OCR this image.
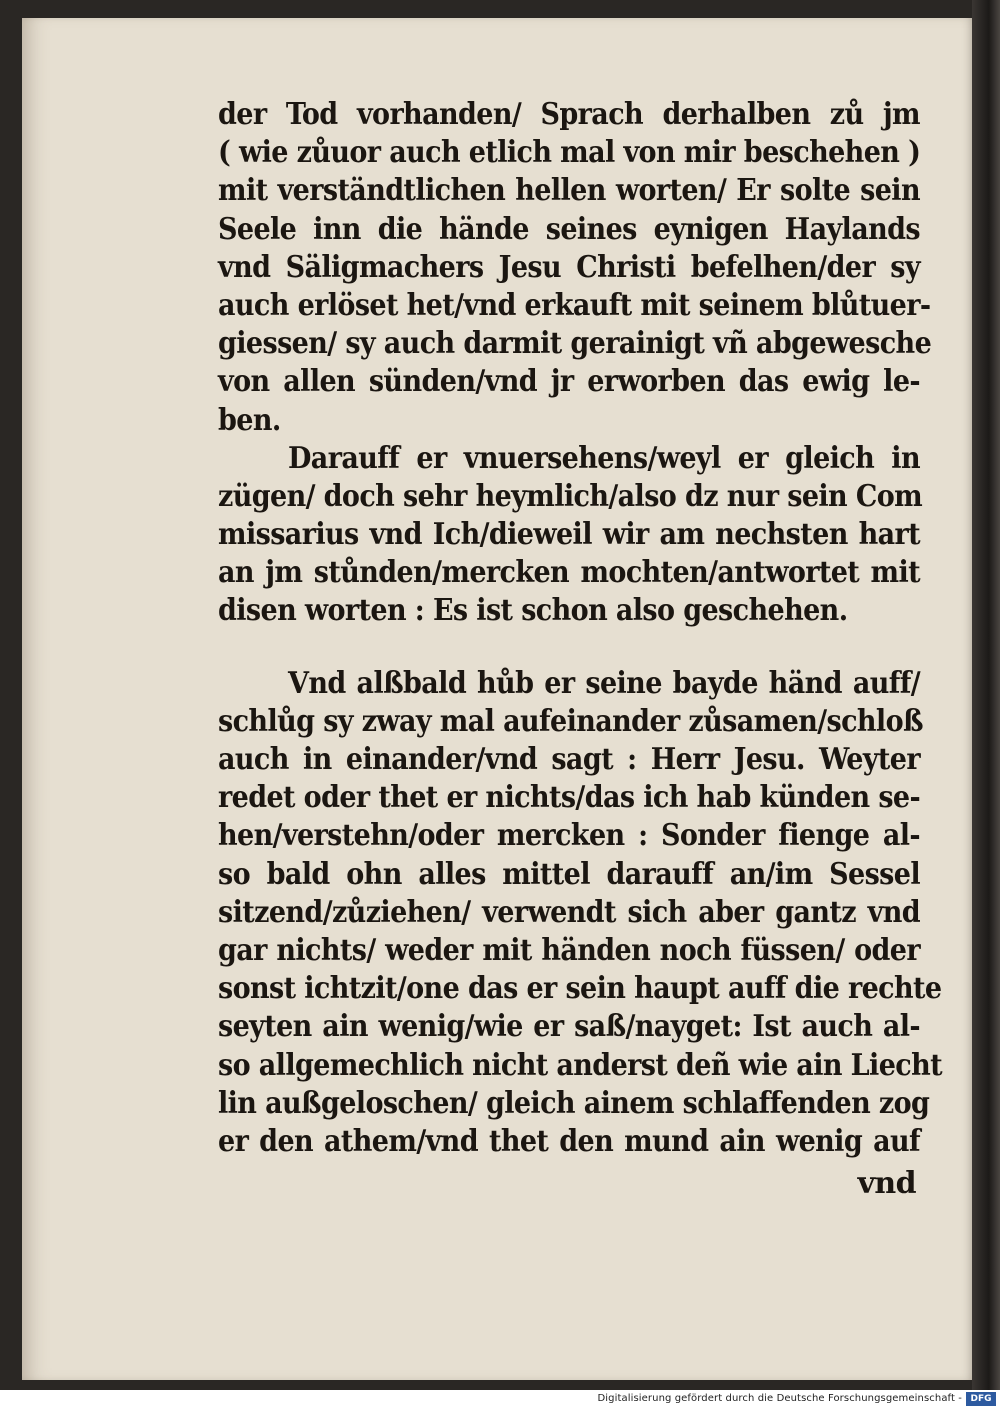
der Tod vorhanden/ Sprach derhalben zů jm
( wie zůuor auch etlich mal von mir beschehen )
mit verständtlichen hellen worten/ Er solte sein
Seele inn die hände seines eynigen Haylands
vnd Säligmachers Jesu Christi befelhen/der sy
auch erlöset het/vnd erkauft mit seinem blůtuer-
giessen/ sy auch darmit gerainigt vñ abgewesche
von allen sünden/vnd jr erworben das ewig le-
ben.
Darauff er vnuersehens/weyl er gleich in
zügen/ doch sehr heymlich/also dz nur sein Com
missarius vnd Ich/dieweil wir am nechsten hart
an jm stůnden/mercken mochten/antwortet mit
disen worten : Es ist schon also geschehen.
Vnd alßbald hůb er seine bayde händ auff/
schlůg sy zway mal aufeinander zůsamen/schloß
auch in einander/vnd sagt : Herr Jesu. Weyter
redet oder thet er nichts/das ich hab künden se-
hen/verstehn/oder mercken : Sonder fienge al-
so bald ohn alles mittel darauff an/im Sessel
sitzend/zůziehen/ verwendt sich aber gantz vnd
gar nichts/ weder mit händen noch füssen/ oder
sonst ichtzit/one das er sein haupt auff die rechte
seyten ain wenig/wie er saß/nayget: Ist auch al-
so allgemechlich nicht anderst deñ wie ain Liecht
lin außgeloschen/ gleich ainem schlaffenden zog
er den athem/vnd thet den mund ain wenig auf
vnd
Digitalisierung gefördert durch die Deutsche Forschungsgemeinschaft - DFG
